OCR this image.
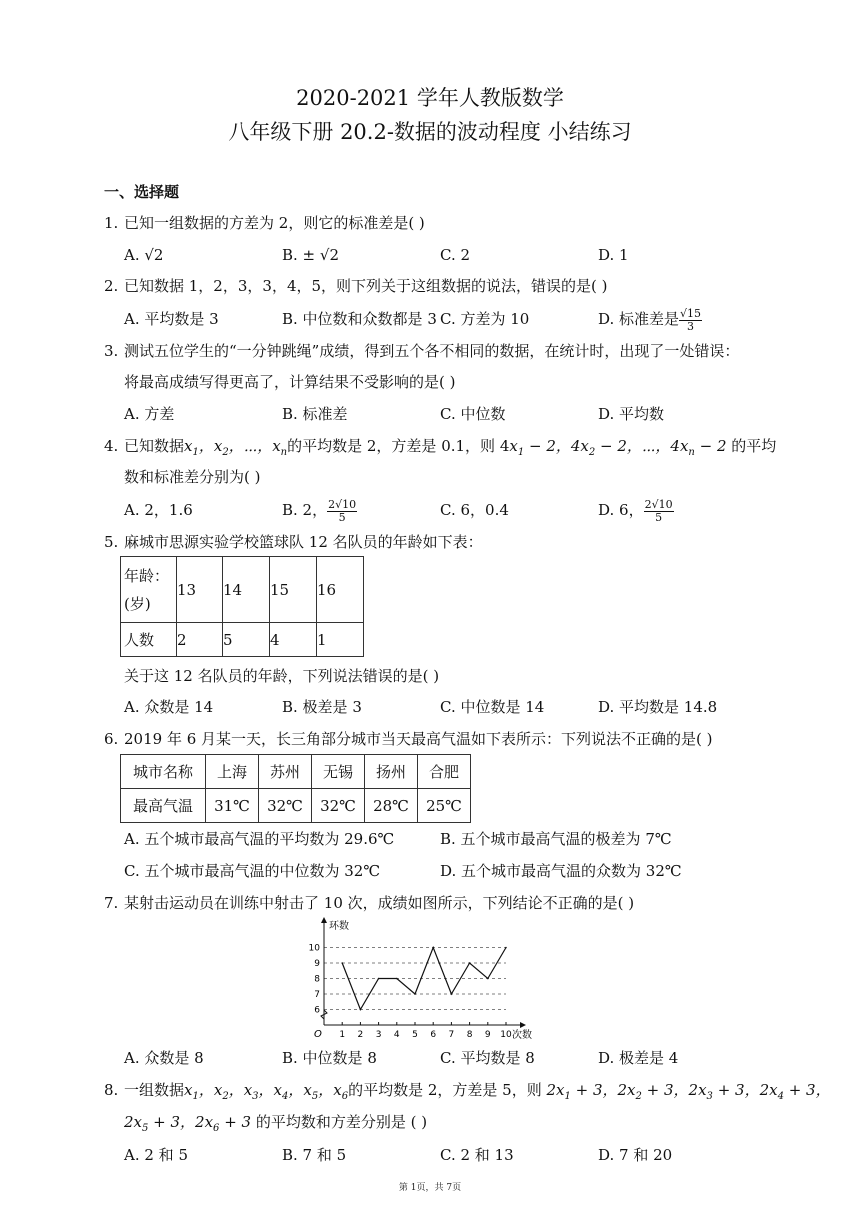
2020-2021 学年人教版数学
八年级下册 20.2-数据的波动程度 小结练习
一、选择题
1. 已知一组数据的方差为 2，则它的标准差是( )
A. √2	B. ± √2	C. 2	D. 1
2. 已知数据 1，2，3，3，4，5，则下列关于这组数据的说法，错误的是( )
A. 平均数是 3	B. 中位数和众数都是 3 C. 方差为 10	D. 标准差是 $\frac{√15}{3}$
3. 测试五位学生的“一分钟跳绳”成绩，得到五个各不相同的数据，在统计时，出现了一处错误：
将最高成绩写得更高了，计算结果不受影响的是( )
A. 方差	B. 标准差	C. 中位数	D. 平均数
4. 已知数据$x_1$，$x_2$，⋯，$x_n$的平均数是 2，方差是 0.1，则 $4x_1 - 2$，$4x_2 - 2$，⋯，$4x_n - 2$ 的平均
数和标准差分别为( )
A. 2，1.6	B. 2， $\frac{2√10}{5}$	C. 6，0.4	D. 6， $\frac{2√10}{5}$
5. 麻城市思源实验学校篮球队 12 名队员的年龄如下表：
年龄：
(岁)	13	14	15	16
人数	2	5	4	1
关于这 12 名队员的年龄，下列说法错误的是( )
A. 众数是 14	B. 极差是 3	C. 中位数是 14	D. 平均数是 14.8
6. 2019 年 6 月某一天，长三角部分城市当天最高气温如下表所示：下列说法不正确的是( )
城市名称	上海	苏州	无锡	扬州	合肥
最高气温	31℃	32℃	32℃	28℃	25℃
A. 五个城市最高气温的平均数为 29.6℃	B. 五个城市最高气温的极差为 7℃
C. 五个城市最高气温的中位数为 32℃	D. 五个城市最高气温的众数为 32℃
7. 某射击运动员在训练中射击了 10 次，成绩如图所示，下列结论不正确的是( )
6
7
8
9
10
1 2 3 4 5 6 7 8 9 10
O	次数
环数
A. 众数是 8	B. 中位数是 8	C. 平均数是 8	D. 极差是 4
8. 一组数据$x_1$，$x_2$，$x_3$，$x_4$，$x_5$，$x_6$的平均数是 2，方差是 5，则 $2x_1 + 3$，$2x_2 + 3$，$2x_3 + 3$，$2x_4 + 3$，
$2x_5 + 3$，$2x_6 + 3$ 的平均数和方差分别是 ( )
A. 2 和 5	B. 7 和 5	C. 2 和 13	D. 7 和 20
第 1页，共 7页
